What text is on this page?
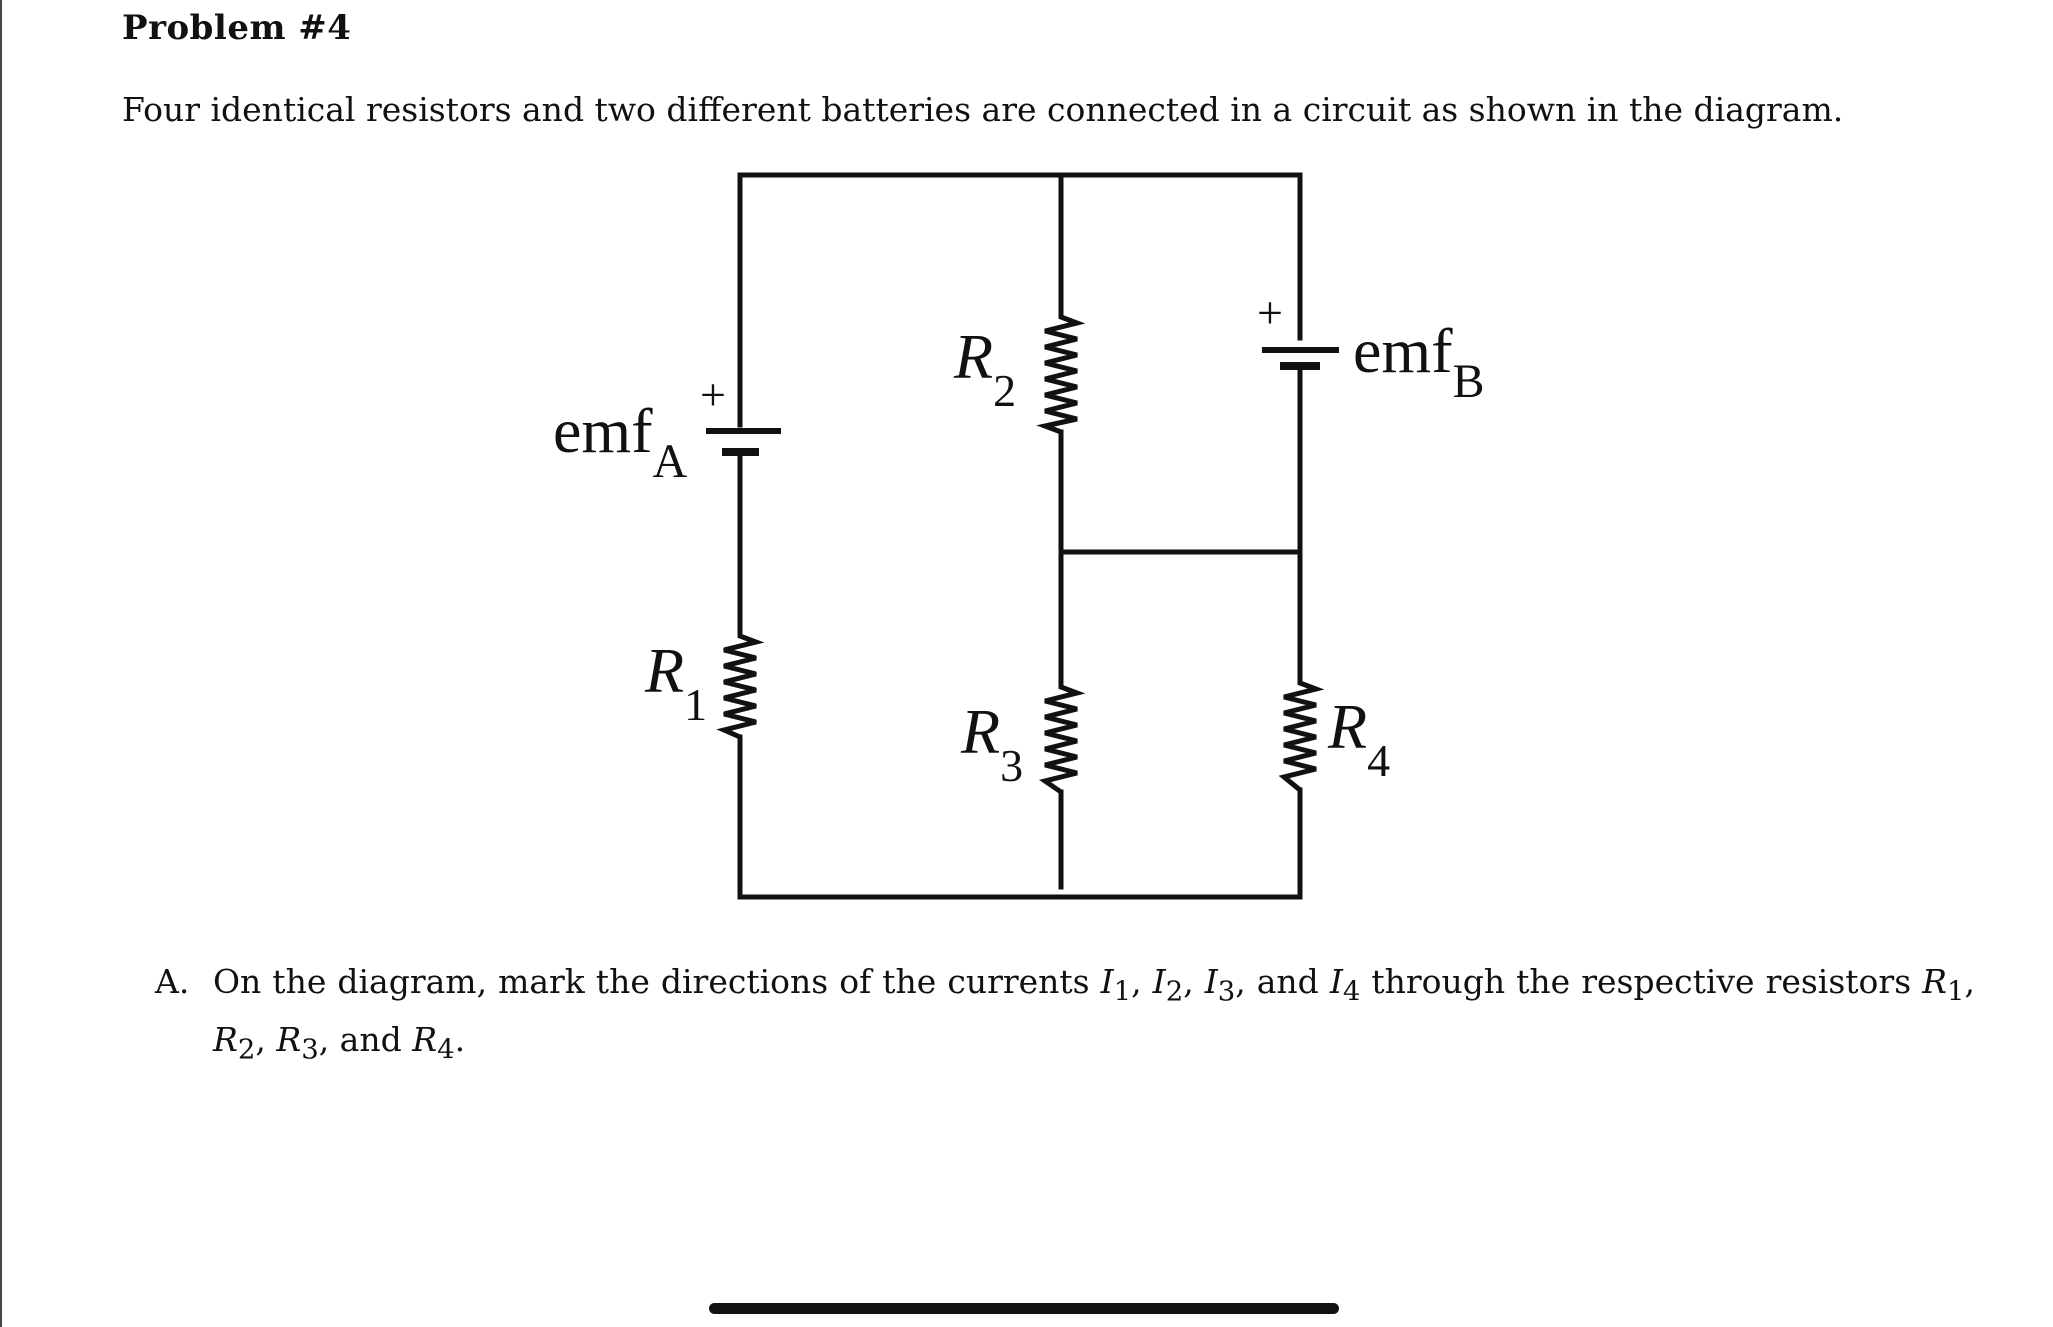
Problem #4
Four identical resistors and two different batteries are connected in a circuit as shown in the diagram.
+
+
emf$_A$
emf$_B$
$R_1$
$R_2$
$R_3$
$R_4$
A. On the diagram, mark the directions of the currents $I_1$, $I_2$, $I_3$, and $I_4$ through the respective resistors $R_1$, $R_2$, $R_3$, and $R_4$.
